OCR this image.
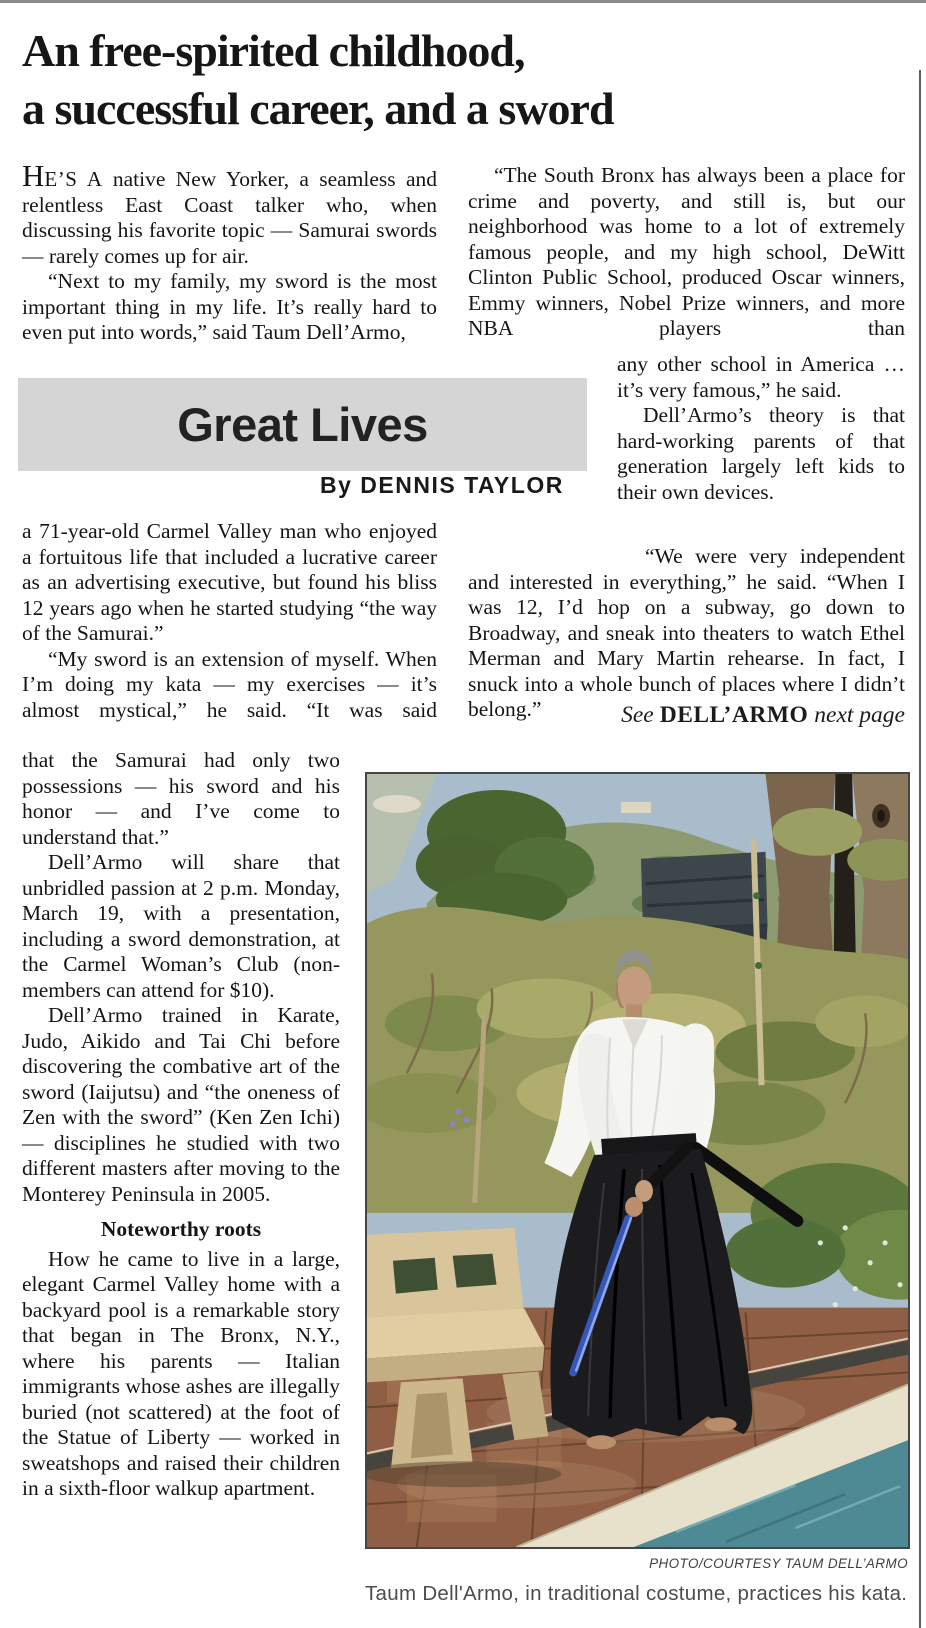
An free-spirited childhood,
a successful career, and a sword

HE’S A native New Yorker, a seamless and relentless East Coast talker who, when discussing his favorite topic — Samurai swords — rarely comes up for air.

“Next to my family, my sword is the most important thing in my life. It’s really hard to even put into words,” said Taum Dell’Armo,

“The South Bronx has always been a place for crime and poverty, and still is, but our neighborhood was home to a lot of extremely famous people, and my high school, DeWitt Clinton Public School, produced Oscar winners, Emmy winners, Nobel Prize winners, and more NBA players than

any other school in America … it’s very famous,” he said.

Dell’Armo’s theory is that hard-working parents of that generation largely left kids to their own devices.

Great Lives
By DENNIS TAYLOR

a 71-year-old Carmel Valley man who enjoyed a fortuitous life that included a lucrative career as an advertising executive, but found his bliss 12 years ago when he started studying “the way of the Samurai.”

“My sword is an extension of myself. When I’m doing my kata — my exercises — it’s almost mystical,” he said. “It was said

“We were very independent and interested in everything,” he said. “When I was 12, I’d hop on a subway, go down to Broadway, and sneak into theaters to watch Ethel Merman and Mary Martin rehearse. In fact, I snuck into a whole bunch of places where I didn’t belong.”	See DELL’ARMO next page

that the Samurai had only two possessions — his sword and his honor — and I’ve come to understand that.”

Dell’Armo will share that unbridled passion at 2 p.m. Monday, March 19, with a presentation, including a sword demonstration, at the Carmel Woman’s Club (non-members can attend for $10).

Dell’Armo trained in Karate, Judo, Aikido and Tai Chi before discovering the combative art of the sword (Iaijutsu) and “the oneness of Zen with the sword” (Ken Zen Ichi) — disciplines he studied with two different masters after moving to the Monterey Peninsula in 2005.

Noteworthy roots

How he came to live in a large, elegant Carmel Valley home with a backyard pool is a remarkable story that began in The Bronx, N.Y., where his parents — Italian immigrants whose ashes are illegally buried (not scattered) at the foot of the Statue of Liberty — worked in sweatshops and raised their children in a sixth-floor walkup apartment.

PHOTO/COURTESY TAUM DELL’ARMO
Taum Dell'Armo, in traditional costume, practices his kata.
